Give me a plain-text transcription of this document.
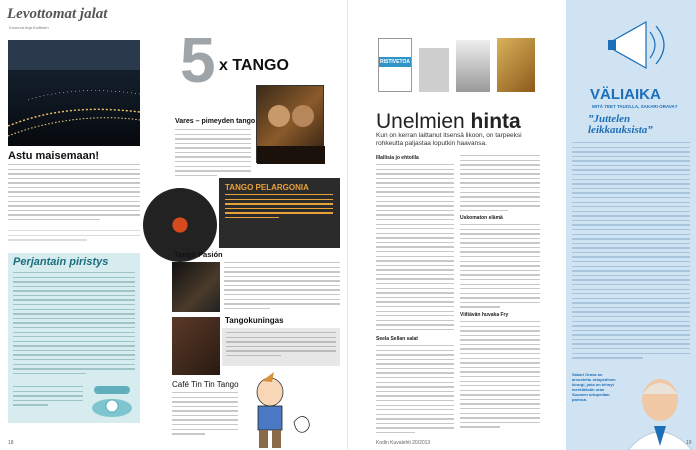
Levottomat jalat
Koonnut Arja Kuittinen
Astu maisemaan!
Perjantain piristys
5 x TANGO
Vares – pimeyden tango
TANGO PELARGONIA
Tango Pasión
Tangokuningas
Café Tin Tin Tango
18
RISTIVETOA
Unelmien hinta
Kun on kerran laittanut itsensä likoon, on tarpeeksi rohkeutta paljastaa loputkin haavansa.
Illallisia jo ehtoilla
Seela Sellan salat
Uskomaton elämä
Viiltävän huvaka Fry
Kodin Kuvalehti 20/2013
VÄLIAIKA
MITÄ TEET TAUOLLA, SAKARI ORAVA?
”Juttelen leikkauksista”
Sakari Orava on arvostettu ortopedinen kirurgi, joka on tehnyt merkittävän uran Suomen ortopedian parissa.
19
